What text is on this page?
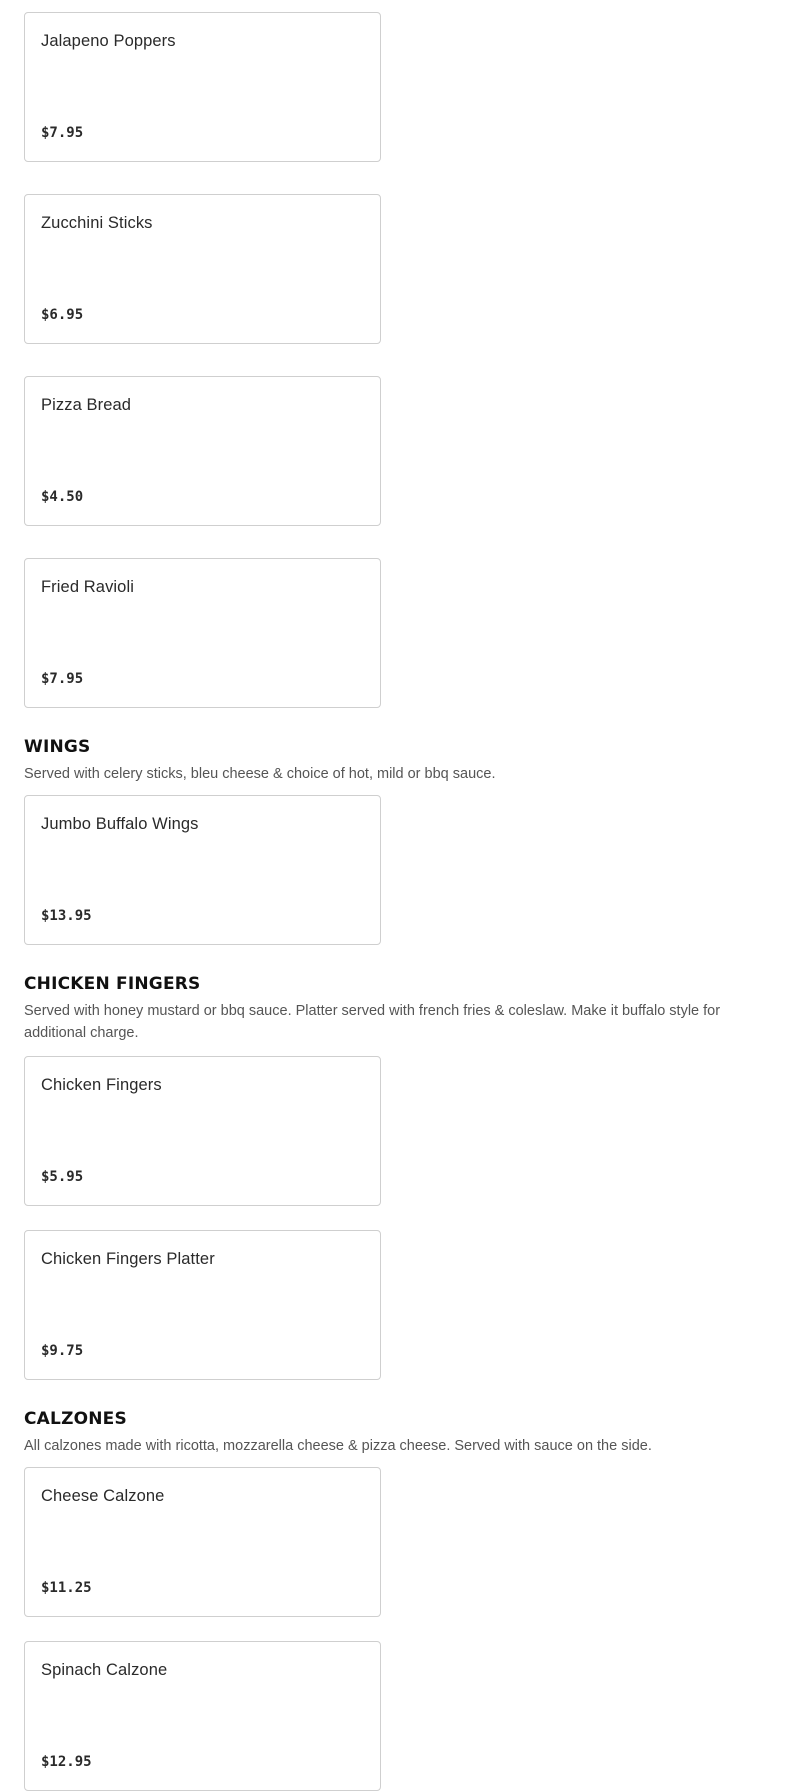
Jalapeno Poppers
$7.95
Zucchini Sticks
$6.95
Pizza Bread
$4.50
Fried Ravioli
$7.95
WINGS
Served with celery sticks, bleu cheese & choice of hot, mild or bbq sauce.
Jumbo Buffalo Wings
$13.95
CHICKEN FINGERS
Served with honey mustard or bbq sauce. Platter served with french fries & coleslaw. Make it buffalo style for additional charge.
Chicken Fingers
$5.95
Chicken Fingers Platter
$9.75
CALZONES
All calzones made with ricotta, mozzarella cheese & pizza cheese. Served with sauce on the side.
Cheese Calzone
$11.25
Spinach Calzone
$12.95
